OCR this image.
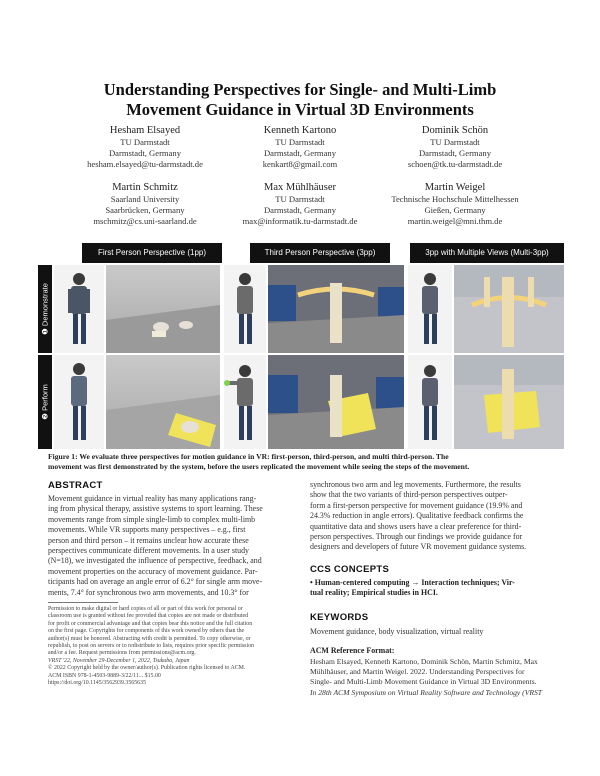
Understanding Perspectives for Single- and Multi-Limb
Movement Guidance in Virtual 3D Environments
Hesham Elsayed
TU Darmstadt
Darmstadt, Germany
hesham.elsayed@tu-darmstadt.de
Kenneth Kartono
TU Darmstadt
Darmstadt, Germany
kenkart8@gmail.com
Dominik Schön
TU Darmstadt
Darmstadt, Germany
schoen@tk.tu-darmstadt.de
Martin Schmitz
Saarland University
Saarbrücken, Germany
mschmitz@cs.uni-saarland.de
Max Mühlhäuser
TU Darmstadt
Darmstadt, Germany
max@informatik.tu-darmstadt.de
Martin Weigel
Technische Hochschule Mittelhessen
Gießen, Germany
martin.weigel@mni.thm.de
First Person Perspective (1pp)	Third Person Perspective (3pp)	3pp with Multiple Views (Multi-3pp)
❶ Demonstrate
❷ Perform
Figure 1: We evaluate three perspectives for motion guidance in VR: first-person, third-person, and multi third-person. The
movement was first demonstrated by the system, before the users replicated the movement while seeing the steps of the movement.
ABSTRACT
Movement guidance in virtual reality has many applications rang-
ing from physical therapy, assistive systems to sport learning. These
movements range from simple single-limb to complex multi-limb
movements. While VR supports many perspectives – e.g., first
person and third person – it remains unclear how accurate these
perspectives communicate different movements. In a user study
(N=18), we investigated the influence of perspective, feedback, and
movement properties on the accuracy of movement guidance. Par-
ticipants had on average an angle error of 6.2° for single arm move-
ments, 7.4° for synchronous two arm movements, and 10.3° for
Permission to make digital or hard copies of all or part of this work for personal or
classroom use is granted without fee provided that copies are not made or distributed
for profit or commercial advantage and that copies bear this notice and the full citation
on the first page. Copyrights for components of this work owned by others than the
author(s) must be honored. Abstracting with credit is permitted. To copy otherwise, or
republish, to post on servers or to redistribute to lists, requires prior specific permission
and/or a fee. Request permissions from permissions@acm.org.
VRST '22, November 29-December 1, 2022, Tsukuba, Japan
© 2022 Copyright held by the owner/author(s). Publication rights licensed to ACM.
ACM ISBN 978-1-4503-9889-3/22/11... $15.00
https://doi.org/10.1145/3562939.3565635
synchronous two arm and leg movements. Furthermore, the results
show that the two variants of third-person perspectives outper-
form a first-person perspective for movement guidance (19.9% and
24.3% reduction in angle errors). Qualitative feedback confirms the
quantitative data and shows users have a clear preference for third-
person perspectives. Through our findings we provide guidance for
designers and developers of future VR movement guidance systems.
CCS CONCEPTS
• Human-centered computing → Interaction techniques; Vir-
tual reality; Empirical studies in HCI.
KEYWORDS
Movement guidance, body visualization, virtual reality
ACM Reference Format:
Hesham Elsayed, Kenneth Kartono, Dominik Schön, Martin Schmitz, Max
Mühlhäuser, and Martin Weigel. 2022. Understanding Perspectives for
Single- and Multi-Limb Movement Guidance in Virtual 3D Environments.
In 28th ACM Symposium on Virtual Reality Software and Technology (VRST
